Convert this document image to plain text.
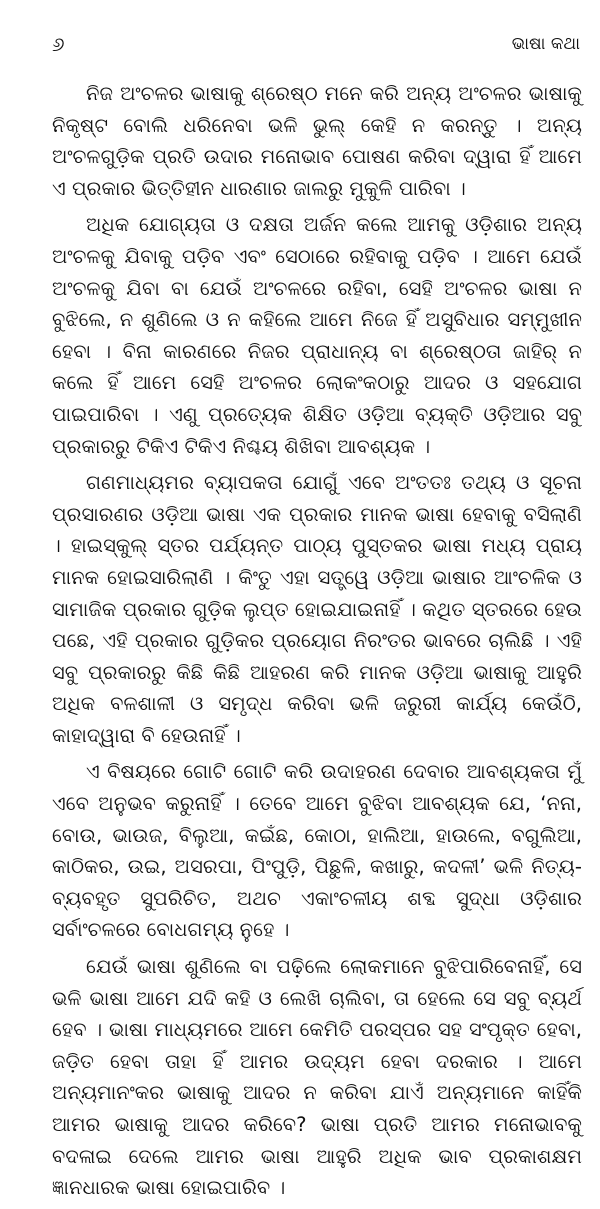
୬	ଭାଷା କଥା

ନିଜ ଅଂଚଳର ଭାଷାକୁ ଶ୍ରେଷ୍ଠ ମନେ କରି ଅନ୍ୟ ଅଂଚଳର ଭାଷାକୁ ନିକୃଷ୍ଟ ବୋଲି ଧରିନେବା ଭଳି ଭୁଲ୍ କେହି ନ କରନ୍ତୁ । ଅନ୍ୟ ଅଂଚଳଗୁଡ଼ିକ ପ୍ରତି ଉଦାର ମନୋଭାବ ପୋଷଣ କରିବା ଦ୍ୱାରା ହିଁ ଆମେ ଏ ପ୍ରକାର ଭିତ୍ତିହୀନ ଧାରଣାର ଜାଲରୁ ମୁକୁଳି ପାରିବା ।

ଅଧିକ ଯୋଗ୍ୟତା ଓ ଦକ୍ଷତା ଅର୍ଜନ କଲେ ଆମକୁ ଓଡ଼ିଶାର ଅନ୍ୟ ଅଂଚଳକୁ ଯିବାକୁ ପଡ଼ିବ ଏବଂ ସେଠାରେ ରହିବାକୁ ପଡ଼ିବ । ଆମେ ଯେଉଁ ଅଂଚଳକୁ ଯିବା ବା ଯେଉଁ ଅଂଚଳରେ ରହିବା, ସେହି ଅଂଚଳର ଭାଷା ନ ବୁଝିଲେ, ନ ଶୁଣିଲେ ଓ ନ କହିଲେ ଆମେ ନିଜେ ହିଁ ଅସୁବିଧାର ସମ୍ମୁଖୀନ ହେବା । ବିନା କାରଣରେ ନିଜର ପ୍ରାଧାନ୍ୟ ବା ଶ୍ରେଷ୍ଠତା ଜାହିର୍ ନ କଲେ ହିଁ ଆମେ ସେହି ଅଂଚଳର ଲୋକଂକଠାରୁ ଆଦର ଓ ସହଯୋଗ ପାଇପାରିବା । ଏଣୁ ପ୍ରତ୍ୟେକ ଶିକ୍ଷିତ ଓଡ଼ିଆ ବ୍ୟକ୍ତି ଓଡ଼ିଆର ସବୁ ପ୍ରକାରରୁ ଟିକିଏ ଟିକିଏ ନିଶ୍ଚୟ ଶିଖିବା ଆବଶ୍ୟକ ।

ଗଣମାଧ୍ୟମର ବ୍ୟାପକତା ଯୋଗୁଁ ଏବେ ଅଂତତଃ ତଥ୍ୟ ଓ ସୂଚନା ପ୍ରସାରଣର ଓଡ଼ିଆ ଭାଷା ଏକ ପ୍ରକାର ମାନକ ଭାଷା ହେବାକୁ ବସିଲାଣି । ହାଇସ୍କୁଲ୍ ସ୍ତର ପର୍ଯ୍ୟନ୍ତ ପାଠ୍ୟ ପୁସ୍ତକର ଭାଷା ମଧ୍ୟ ପ୍ରାୟ ମାନକ ହୋଇସାରିଲାଣି । କିଂତୁ ଏହା ସତ୍ତ୍ୱେ ଓଡ଼ିଆ ଭାଷାର ଆଂଚଳିକ ଓ ସାମାଜିକ ପ୍ରକାର ଗୁଡ଼ିକ ଲୁପ୍ତ ହୋଇଯାଇନାହିଁ । କଥିତ ସ୍ତରରେ ହେଉ ପଛେ, ଏହି ପ୍ରକାର ଗୁଡ଼ିକର ପ୍ରୟୋଗ ନିରଂତର ଭାବରେ ଚାଲିଛି । ଏହି ସବୁ ପ୍ରକାରରୁ କିଛି କିଛି ଆହରଣ କରି ମାନକ ଓଡ଼ିଆ ଭାଷାକୁ ଆହୁରି ଅଧିକ ବଳଶାଳୀ ଓ ସମୃଦ୍ଧ କରିବା ଭଳି ଜରୁରୀ କାର୍ଯ୍ୟ କେଉଁଠି, କାହାଦ୍ୱାରା ବି ହେଉନାହିଁ ।

ଏ ବିଷୟରେ ଗୋଟି ଗୋଟି କରି ଉଦାହରଣ ଦେବାର ଆବଶ୍ୟକତା ମୁଁ ଏବେ ଅନୁଭବ କରୁନାହିଁ । ତେବେ ଆମେ ବୁଝିବା ଆବଶ୍ୟକ ଯେ, ‘ନନା, ବୋଉ, ଭାଉଜ, ବିଲୁଆ, କଇଁଛ, କୋଠା, ହାଲିଆ, ହାଉଲେ, ବଗୁଲିଆ, କାଠିକର, ଉଇ, ଅସରପା, ପିଂପୁଡ଼ି, ପିଛୁଳି, କଖାରୁ, କଦଳୀ’ ଭଳି ନିତ୍ୟ-ବ୍ୟବହୃତ ସୁପରିଚିତ, ଅଥଚ ଏକାଂଚଳୀୟ ଶବ୍ଦ ସୁଦ୍ଧା ଓଡ଼ିଶାର ସର୍ବାଂଚଳରେ ବୋଧଗମ୍ୟ ନୁହେ ।

ଯେଉଁ ଭାଷା ଶୁଣିଲେ ବା ପଢ଼ିଲେ ଲୋକମାନେ ବୁଝିପାରିବେନାହିଁ, ସେ ଭଳି ଭାଷା ଆମେ ଯଦି କହି ଓ ଲେଖି ଚାଲିବା, ତା ହେଲେ ସେ ସବୁ ବ୍ୟର୍ଥ ହେବ । ଭାଷା ମାଧ୍ୟମରେ ଆମେ କେମିତି ପରସ୍ପର ସହ ସଂପୃକ୍ତ ହେବା, ଜଡ଼ିତ ହେବା ତାହା ହିଁ ଆମର ଉଦ୍ୟମ ହେବା ଦରକାର । ଆମେ ଅନ୍ୟମାନଂକର ଭାଷାକୁ ଆଦର ନ କରିବା ଯାଏଁ ଅନ୍ୟମାନେ କାହିଁକି ଆମର ଭାଷାକୁ ଆଦର କରିବେ? ଭାଷା ପ୍ରତି ଆମର ମନୋଭାବକୁ ବଦଳାଇ ଦେଲେ ଆମର ଭାଷା ଆହୁରି ଅଧିକ ଭାବ ପ୍ରକାଶକ୍ଷମ ଜ୍ଞାନଧାରକ ଭାଷା ହୋଇପାରିବ ।
